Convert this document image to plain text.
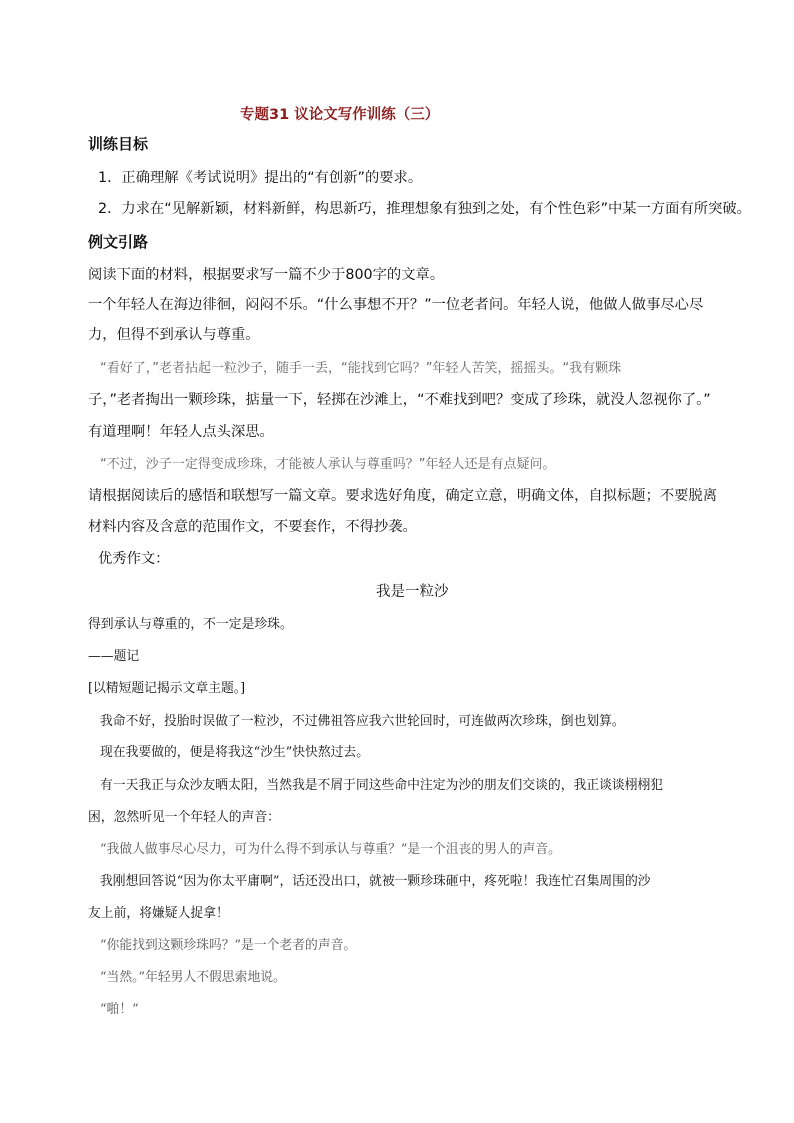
专题31 议论文写作训练（三）
训练目标
1．正确理解《考试说明》提出的“有创新”的要求。
2．力求在“见解新颖，材料新鲜，构思新巧，推理想象有独到之处，有个性色彩”中某一方面有所突破。
例文引路
阅读下面的材料，根据要求写一篇不少于800字的文章。
一个年轻人在海边徘徊，闷闷不乐。“什么事想不开？”一位老者问。年轻人说，他做人做事尽心尽
力，但得不到承认与尊重。
“看好了，”老者拈起一粒沙子，随手一丢，“能找到它吗？”年轻人苦笑，摇摇头。“我有颗珠
子，”老者掏出一颗珍珠，掂量一下，轻掷在沙滩上，“不难找到吧？变成了珍珠，就没人忽视你了。”
有道理啊！年轻人点头深思。
“不过，沙子一定得变成珍珠，才能被人承认与尊重吗？”年轻人还是有点疑问。
请根据阅读后的感悟和联想写一篇文章。要求选好角度，确定立意，明确文体，自拟标题；不要脱离
材料内容及含意的范围作文，不要套作，不得抄袭。
优秀作文：
我是一粒沙
得到承认与尊重的，不一定是珍珠。
——题记
[以精短题记揭示文章主题。]
我命不好，投胎时误做了一粒沙，不过佛祖答应我六世轮回时，可连做两次珍珠，倒也划算。
现在我要做的，便是将我这“沙生”快快熬过去。
有一天我正与众沙友晒太阳，当然我是不屑于同这些命中注定为沙的朋友们交谈的，我正谈谈栩栩犯
困，忽然听见一个年轻人的声音：
“我做人做事尽心尽力，可为什么得不到承认与尊重？”是一个沮丧的男人的声音。
我刚想回答说“因为你太平庸啊”，话还没出口，就被一颗珍珠砸中，疼死啦！我连忙召集周围的沙
友上前，将嫌疑人捉拿！
“你能找到这颗珍珠吗？”是一个老者的声音。
“当然。”年轻男人不假思索地说。
“啪！”
